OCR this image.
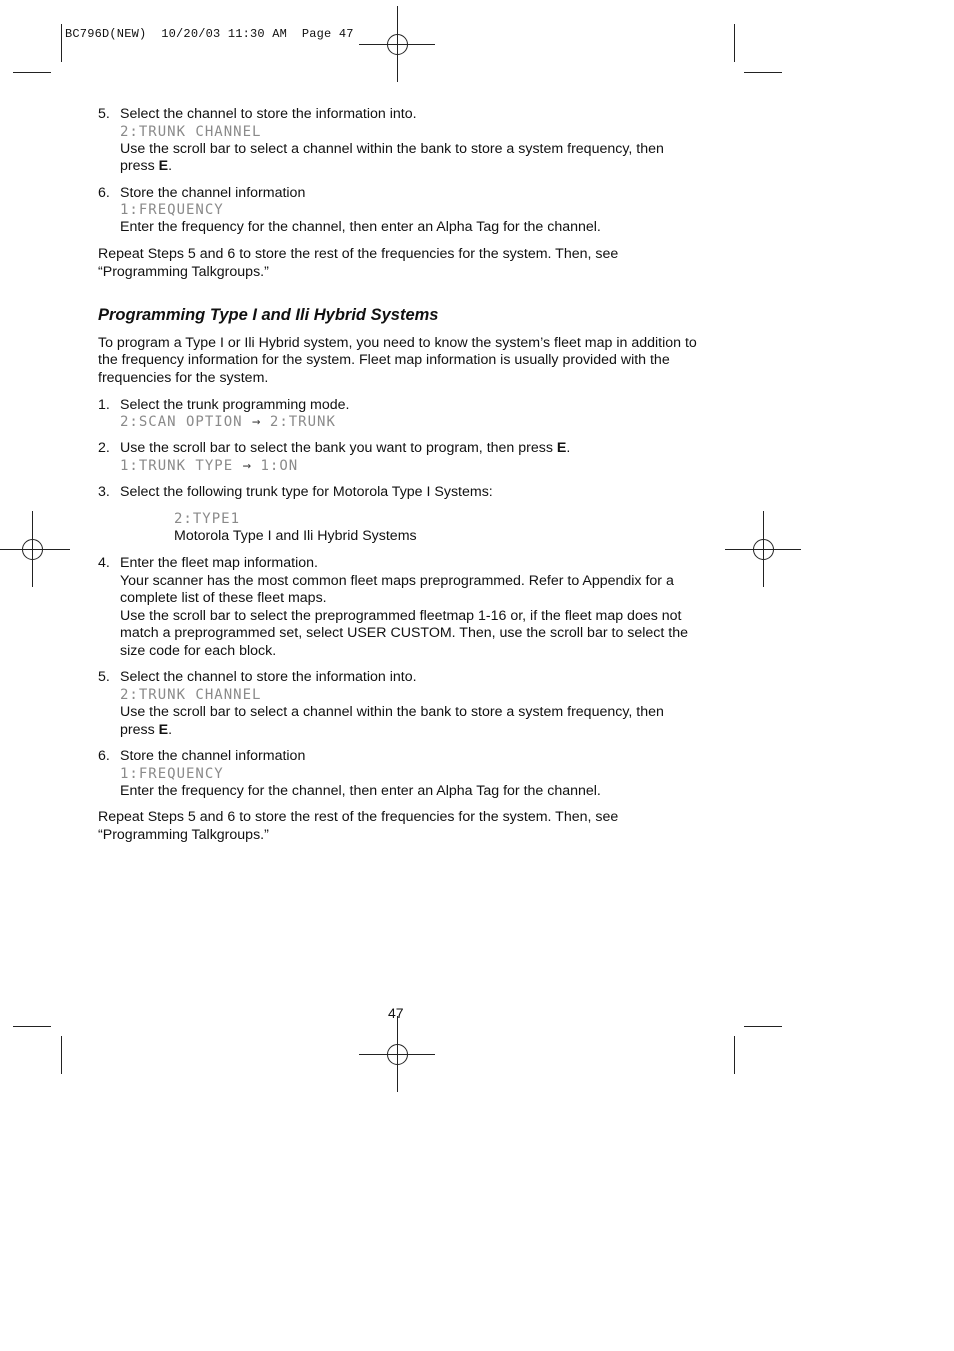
BC796D(NEW)  10/20/03 11:30 AM  Page 47
5. Select the channel to store the information into.
2:TRUNK CHANNEL
Use the scroll bar to select a channel within the bank to store a system frequency, then press E.
6. Store the channel information
1:FREQUENCY
Enter the frequency for the channel, then enter an Alpha Tag for the channel.

Repeat Steps 5 and 6 to store the rest of the frequencies for the system. Then, see “Programming Talkgroups.”

Programming Type I and Ili Hybrid Systems

To program a Type I or Ili Hybrid system, you need to know the system’s fleet map in addition to the frequency information for the system. Fleet map information is usually provided with the frequencies for the system.

1. Select the trunk programming mode.
2:SCAN OPTION → 2:TRUNK
2. Use the scroll bar to select the bank you want to program, then press E.
1:TRUNK TYPE → 1:ON
3. Select the following trunk type for Motorola Type I Systems:
2:TYPE1
Motorola Type I and Ili Hybrid Systems
4. Enter the fleet map information.
Your scanner has the most common fleet maps preprogrammed. Refer to Appendix for a complete list of these fleet maps.
Use the scroll bar to select the preprogrammed fleetmap 1-16 or, if the fleet map does not match a preprogrammed set, select USER CUSTOM. Then, use the scroll bar to select the size code for each block.
5. Select the channel to store the information into.
2:TRUNK CHANNEL
Use the scroll bar to select a channel within the bank to store a system frequency, then press E.
6. Store the channel information
1:FREQUENCY
Enter the frequency for the channel, then enter an Alpha Tag for the channel.

Repeat Steps 5 and 6 to store the rest of the frequencies for the system. Then, see “Programming Talkgroups.”

47
